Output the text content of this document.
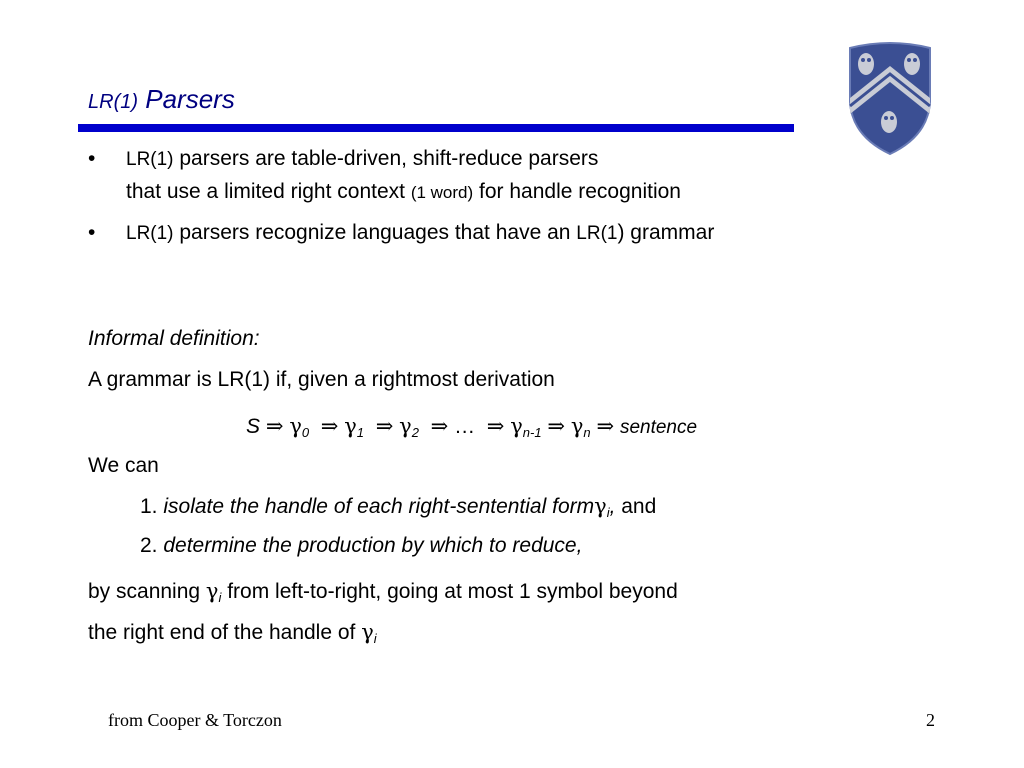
LR(1) Parsers
• LR(1) parsers are table-driven, shift-reduce parsers
that use a limited right context (1 word) for handle recognition
• LR(1) parsers recognize languages that have an LR(1) grammar
Informal definition:
A grammar is LR(1) if, given a rightmost derivation
S ⇒ $\gamma_0$ ⇒ $\gamma_1$ ⇒ $\gamma_2$ ⇒ … ⇒ $\gamma_{n-1}$ ⇒ $\gamma_n$ ⇒ sentence
We can
1. isolate the handle of each right-sentential formγ$_i$, and
2. determine the production by which to reduce,
by scanning $\gamma_i$ from left-to-right, going at most 1 symbol beyond
the right end of the handle of $\gamma_i$
from Cooper & Torczon	2
